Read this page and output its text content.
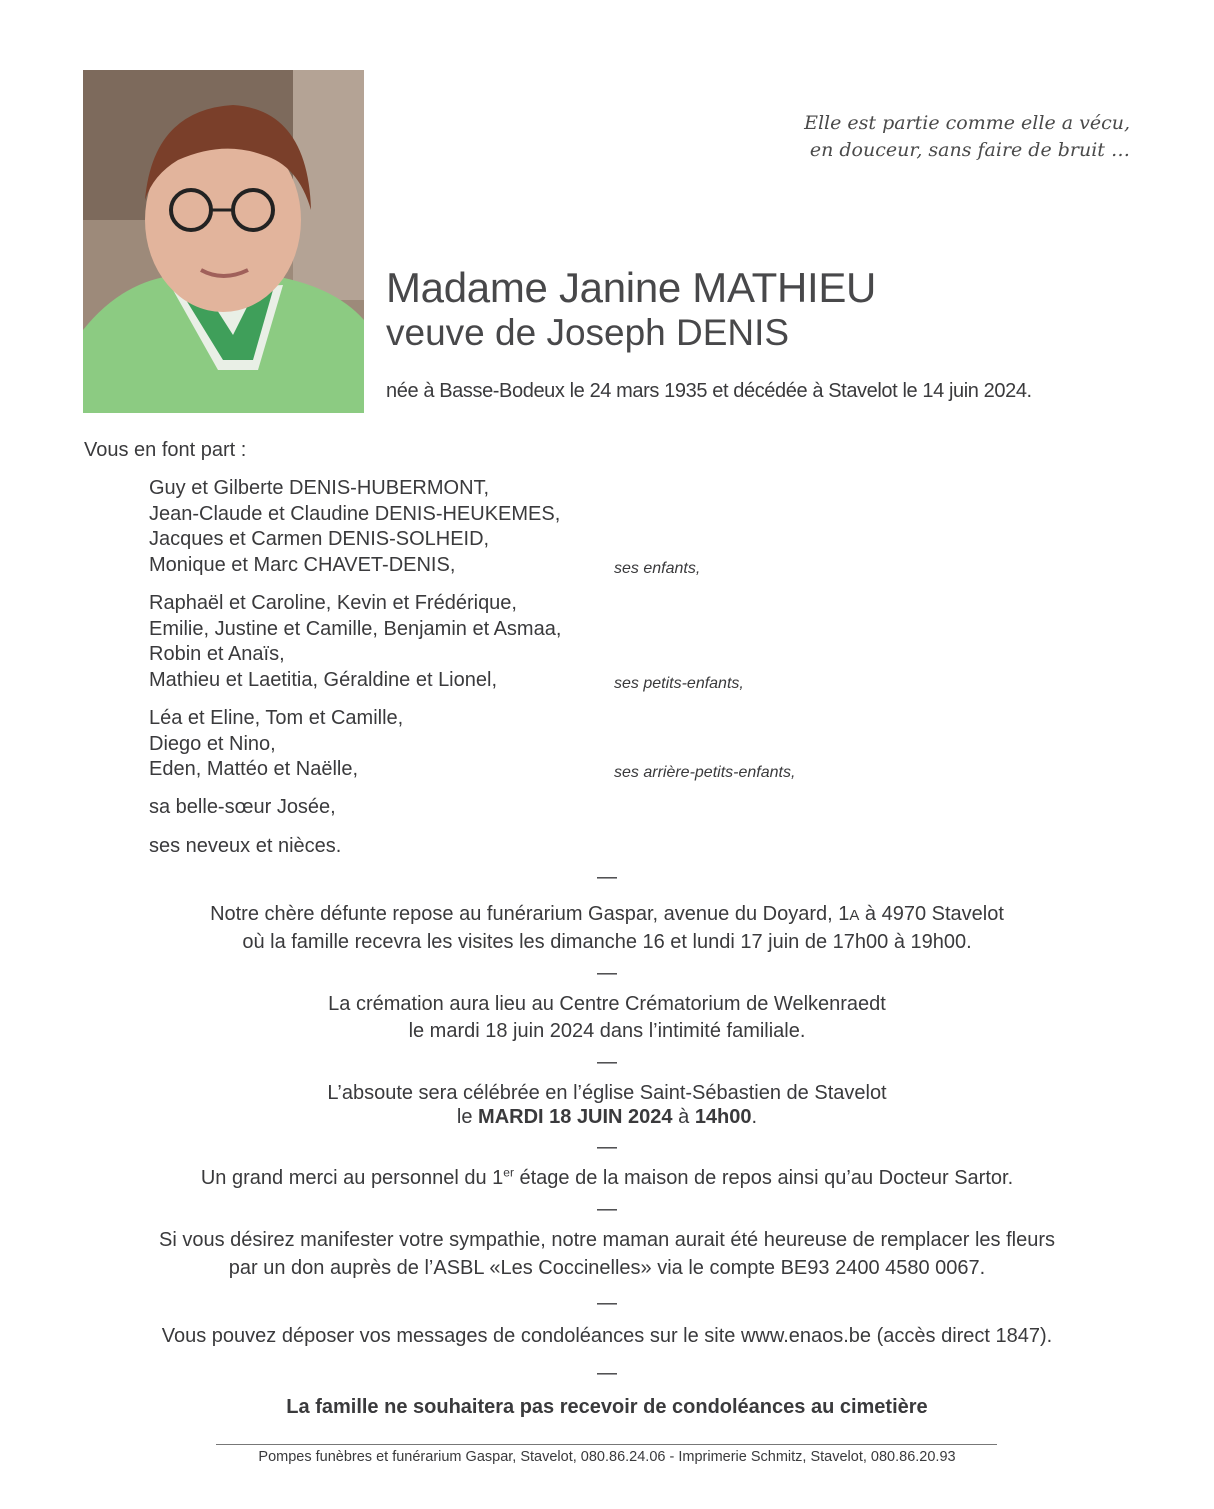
Elle est partie comme elle a vécu,
en douceur, sans faire de bruit …
Madame Janine MATHIEU
veuve de Joseph DENIS
née à Basse-Bodeux le 24 mars 1935 et décédée à Stavelot le 14 juin 2024.
Vous en font part :
Guy et Gilberte DENIS-HUBERMONT,
Jean-Claude et Claudine DENIS-HEUKEMES,
Jacques et Carmen DENIS-SOLHEID,
Monique et Marc CHAVET-DENIS,	ses enfants,
Raphaël et Caroline, Kevin et Frédérique,
Emilie, Justine et Camille, Benjamin et Asmaa,
Robin et Anaïs,
Mathieu et Laetitia, Géraldine et Lionel,	ses petits-enfants,
Léa et Eline, Tom et Camille,
Diego et Nino,
Eden, Mattéo et Naëlle,	ses arrière-petits-enfants,
sa belle-sœur Josée,
ses neveux et nièces.
—
Notre chère défunte repose au funérarium Gaspar, avenue du Doyard, 1A à 4970 Stavelot
où la famille recevra les visites les dimanche 16 et lundi 17 juin de 17h00 à 19h00.
—
La crémation aura lieu au Centre Crématorium de Welkenraedt
le mardi 18 juin 2024 dans l’intimité familiale.
—
L’absoute sera célébrée en l’église Saint-Sébastien de Stavelot
le MARDI 18 JUIN 2024 à 14h00.
—
Un grand merci au personnel du 1er étage de la maison de repos ainsi qu’au Docteur Sartor.
—
Si vous désirez manifester votre sympathie, notre maman aurait été heureuse de remplacer les fleurs
par un don auprès de l’ASBL «Les Coccinelles» via le compte BE93 2400 4580 0067.
—
Vous pouvez déposer vos messages de condoléances sur le site www.enaos.be (accès direct 1847).
—
La famille ne souhaitera pas recevoir de condoléances au cimetière
Pompes funèbres et funérarium Gaspar, Stavelot, 080.86.24.06 - Imprimerie Schmitz, Stavelot, 080.86.20.93
